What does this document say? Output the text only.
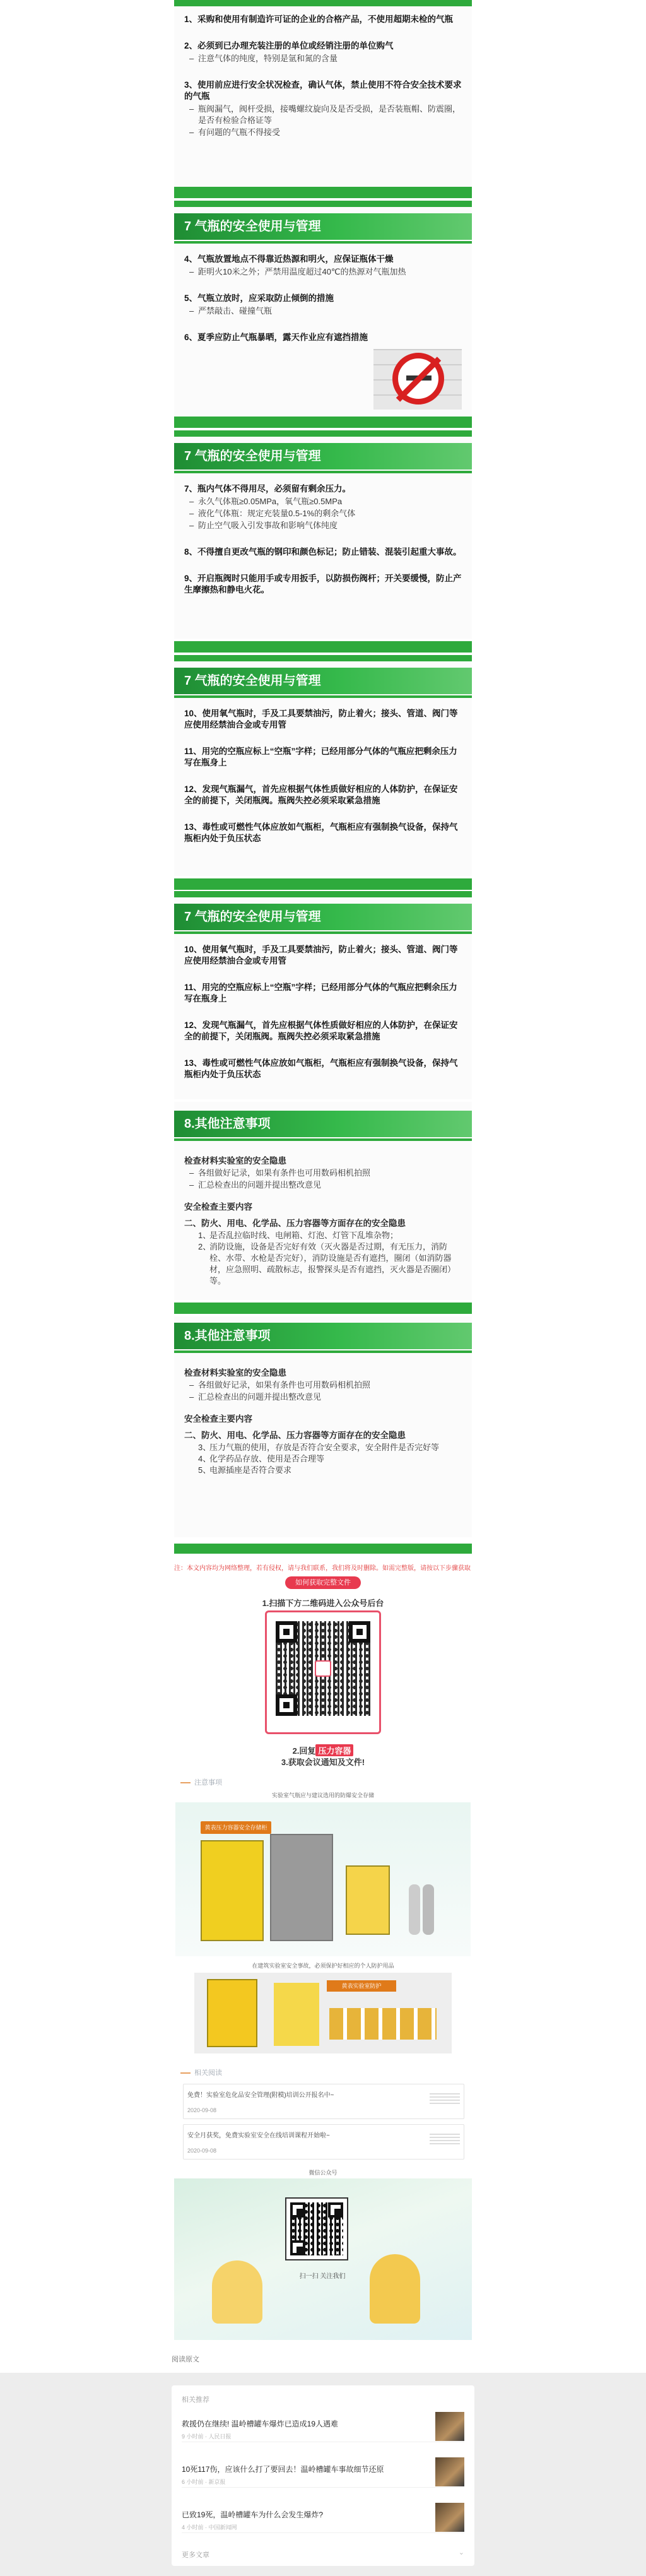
1、采购和使用有制造许可证的企业的合格产品，不使用超期未检的气瓶
2、必须到已办理充装注册的单位或经销注册的单位购气
– 注意气体的纯度，特别是氩和氮的含量
3、使用前应进行安全状况检查，确认气体，禁止使用不符合安全技术要求的气瓶
– 瓶阀漏气，阀杆受损，接嘴螺纹旋向及是否受损，是否装瓶帽、防震圈，是否有检验合格证等
– 有问题的气瓶不得接受
7 气瓶的安全使用与管理
4、气瓶放置地点不得靠近热源和明火，应保证瓶体干燥
– 距明火10米之外；严禁用温度超过40℃的热源对气瓶加热
5、气瓶立放时，应采取防止倾倒的措施
– 严禁敲击、碰撞气瓶
6、夏季应防止气瓶暴晒，露天作业应有遮挡措施
7 气瓶的安全使用与管理
7、瓶内气体不得用尽，必须留有剩余压力。
– 永久气体瓶≥0.05MPa，氧气瓶≥0.5MPa
– 液化气体瓶：规定充装量0.5-1%的剩余气体
– 防止空气吸入引发事故和影响气体纯度
8、不得擅自更改气瓶的钢印和颜色标记；防止错装、混装引起重大事故。
9、开启瓶阀时只能用手或专用扳手，以防损伤阀杆；开关要缓慢，防止产生摩擦热和静电火花。
7 气瓶的安全使用与管理
10、使用氧气瓶时，手及工具要禁油污，防止着火；接头、管道、阀门等应使用经禁油合金或专用管
11、用完的空瓶应标上“空瓶”字样；已经用部分气体的气瓶应把剩余压力写在瓶身上
12、发现气瓶漏气，首先应根据气体性质做好相应的人体防护，在保证安全的前提下，关闭瓶阀。瓶阀失控必须采取紧急措施
13、毒性或可燃性气体应放如气瓶柜，气瓶柜应有强制换气设备，保持气瓶柜内处于负压状态
7 气瓶的安全使用与管理
10、使用氧气瓶时，手及工具要禁油污，防止着火；接头、管道、阀门等应使用经禁油合金或专用管
11、用完的空瓶应标上“空瓶”字样；已经用部分气体的气瓶应把剩余压力写在瓶身上
12、发现气瓶漏气，首先应根据气体性质做好相应的人体防护，在保证安全的前提下，关闭瓶阀。瓶阀失控必须采取紧急措施
13、毒性或可燃性气体应放如气瓶柜，气瓶柜应有强制换气设备，保持气瓶柜内处于负压状态
8.其他注意事项
检查材料实验室的安全隐患
– 各组做好记录，如果有条件也可用数码相机拍照
– 汇总检查出的问题并提出整改意见
安全检查主要内容
二、防火、用电、化学品、压力容器等方面存在的安全隐患
1、
是否乱拉临时线、电闸箱、灯泡、灯管下乱堆杂物；
2、
消防设施，设备是否完好有效（灭火器是否过期，有无压力，消防栓、水带、水枪是否完好），消防设施是否有遮挡，圈闭（如消防器材，应急照明、疏散标志，报警探头是否有遮挡，灭火器是否圈闭）等。
8.其他注意事项
检查材料实验室的安全隐患
– 各组做好记录，如果有条件也可用数码相机拍照
– 汇总检查出的问题并提出整改意见
安全检查主要内容
二、防火、用电、化学品、压力容器等方面存在的安全隐患
3、
压力气瓶的使用，存放是否符合安全要求，安全附件是否完好等
4、
化学药品存放、使用是否合理等
5、
电源插座是否符合要求
注：本文内容均为网络整理，若有侵权，请与我们联系，我们将及时删除。如需完整版，请按以下步骤获取
如何获取完整文件
1.扫描下方二维码进入公众号后台
2.回复 压力容器
3.获取会议通知及文件!
注意事项
实验室气瓶应与建议选用的防爆安全存储
黄表压力容器安全存储柜
在建筑实验室安全事故，必须保护好相应的个人防护用品
黄表实验室防护
相关阅读
免费！实验室危化品安全管理(附模)培训公开报名中~
2020-09-08
安全月获奖，免费实验室安全在线培训课程开始啦~
2020-09-08
微信公众号
扫一扫 关注我们
阅读原文
相关推荐
救援仍在继续! 温岭槽罐车爆炸已造成19人遇难
9 小时前 · 人民日报
10死117伤，应该什么打了要回去！温岭槽罐车事故细节还原
6 小时前 · 新京报
已致19死，温岭槽罐车为什么会发生爆炸?
4 小时前 · 中国新闻网
更多文章	⌄
